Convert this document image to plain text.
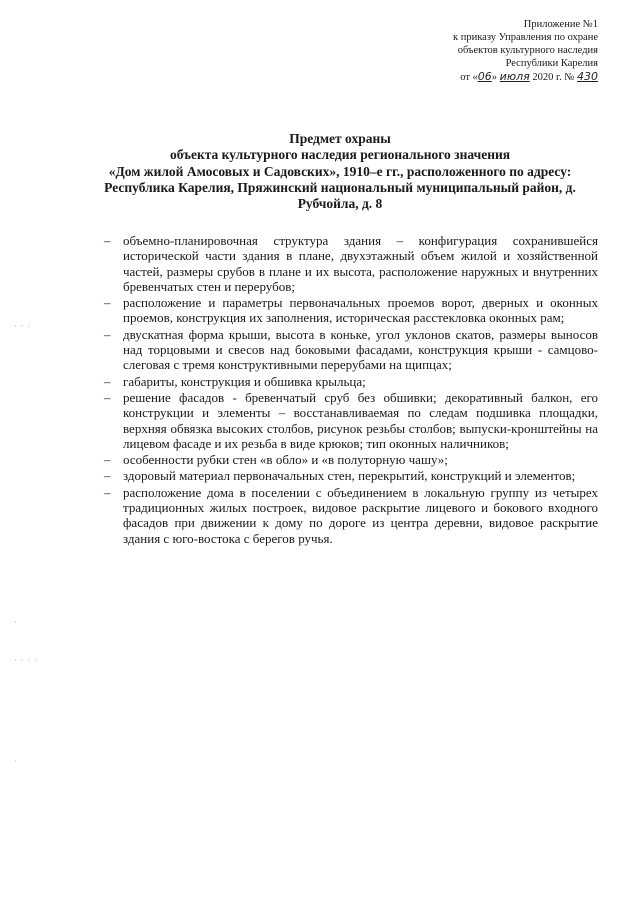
Приложение №1
к приказу Управления по охране
объектов культурного наследия
Республики Карелия
от «06» июля 2020 г. № 430
Предмет охраны
объекта культурного наследия регионального значения
«Дом жилой Амосовых и Садовских», 1910–е гг., расположенного по адресу:
Республика Карелия, Пряжинский национальный муниципальный район, д.
Рубчойла, д. 8
– объемно-планировочная структура здания – конфигурация сохранившейся исторической части здания в плане, двухэтажный объем жилой и хозяйственной частей, размеры срубов в плане и их высота, расположение наружных и внутренних бревенчатых стен и перерубов;
– расположение и параметры первоначальных проемов ворот, дверных и оконных проемов, конструкция их заполнения, историческая расстекловка оконных рам;
– двускатная форма крыши, высота в коньке, угол уклонов скатов, размеры выносов над торцовыми и свесов над боковыми фасадами, конструкция крыши - самцово-слеговая с тремя конструктивными перерубами на щипцах;
– габариты, конструкция и обшивка крыльца;
– решение фасадов - бревенчатый сруб без обшивки; декоративный балкон, его конструкции и элементы – восстанавливаемая по следам подшивка площадки, верхняя обвязка высоких столбов, рисунок резьбы столбов; выпуски-кронштейны на лицевом фасаде и их резьба в виде крюков; тип оконных наличников;
– особенности рубки стен «в обло» и «в полуторную чашу»;
– здоровый материал первоначальных стен, перекрытий, конструкций и элементов;
– расположение дома в поселении с объединением в локальную группу из четырех традиционных жилых построек, видовое раскрытие лицевого и бокового входного фасадов при движении к дому по дороге из центра деревни, видовое раскрытие здания с юго-востока с берегов ручья.
· · ·
·
· · · ·
·
